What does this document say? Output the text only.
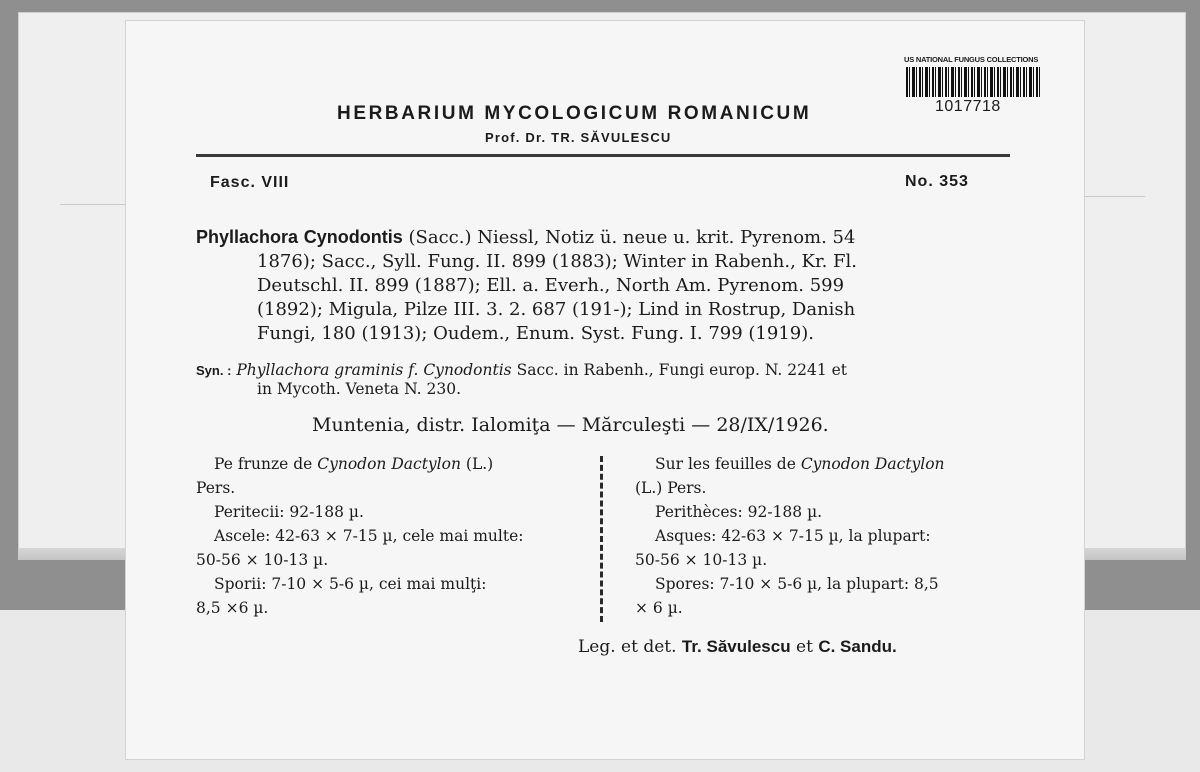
HERBARIUM MYCOLOGICUM ROMANICUM
Prof. Dr. TR. SĂVULESCU
US NATIONAL FUNGUS COLLECTIONS
1017718
Fasc. VIII	No. 353
Phyllachora Cynodontis (Sacc.) Niessl, Notiz ü. neue u. krit. Pyrenom. 54
1876); Sacc., Syll. Fung. II. 899 (1883); Winter in Rabenh., Kr. Fl.
Deutschl. II. 899 (1887); Ell. a. Everh., North Am. Pyrenom. 599
(1892); Migula, Pilze III. 3. 2. 687 (191‑); Lind in Rostrup, Danish
Fungi, 180 (1913); Oudem., Enum. Syst. Fung. I. 799 (1919).
Syn. : Phyllachora graminis f. Cynodontis Sacc. in Rabenh., Fungi europ. N. 2241 et
in Mycoth. Veneta N. 230.
Muntenia, distr. Ialomiţa — Mărculeşti — 28/IX/1926.
Pe frunze de Cynodon Dactylon (L.)
Pers.
Peritecii: 92-188 µ.
Ascele: 42-63 × 7-15 µ, cele mai multe:
50-56 × 10-13 µ.
Sporii: 7-10 × 5-6 µ, cei mai mulţi:
8,5 ×6 µ.
Sur les feuilles de Cynodon Dactylon
(L.) Pers.
Perithèces: 92-188 µ.
Asques: 42-63 × 7-15 µ, la plupart:
50-56 × 10-13 µ.
Spores: 7-10 × 5-6 µ, la plupart: 8,5
× 6 µ.
Leg. et det. Tr. Săvulescu et C. Sandu.
